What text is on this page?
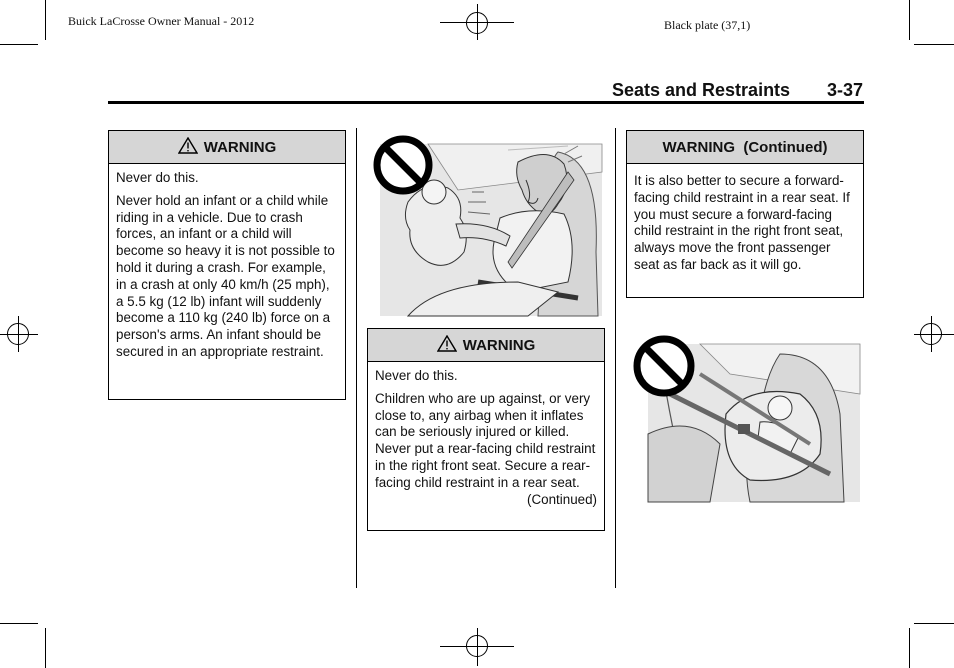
Buick LaCrosse Owner Manual - 2012	Black plate (37,1)
Seats and Restraints 3-37
WARNING

Never do this.

Never hold an infant or a child while riding in a vehicle. Due to crash forces, an infant or a child will become so heavy it is not possible to hold it during a crash. For example, in a crash at only 40 km/h (25 mph), a 5.5 kg (12 lb) infant will suddenly become a 110 kg (240 lb) force on a person's arms. An infant should be secured in an appropriate restraint.	WARNING

Never do this.

Children who are up against, or very close to, any airbag when it inflates can be seriously injured or killed. Never put a rear-facing child restraint in the right front seat. Secure a rear-facing child restraint in a rear seat.

(Continued)

WARNING  (Continued)

It is also better to secure a forward-facing child restraint in a rear seat. If you must secure a forward-facing child restraint in the right front seat, always move the front passenger seat as far back as it will go.
